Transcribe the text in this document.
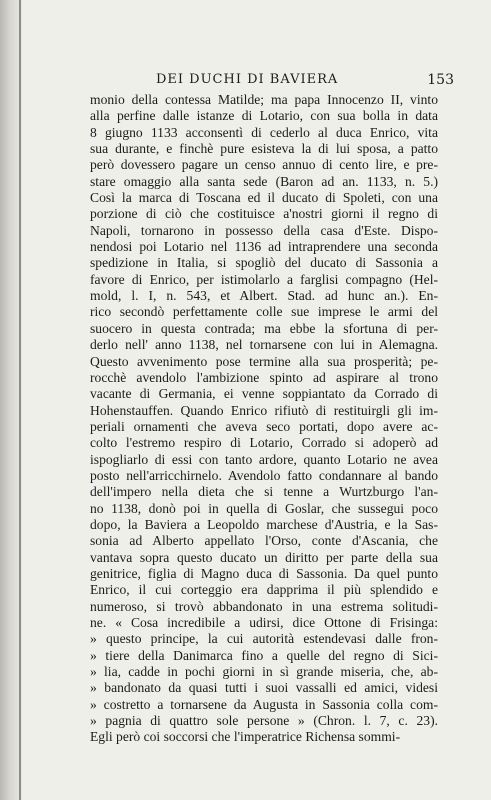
DEI DUCHI DI BAVIERA	153
monio della contessa Matilde; ma papa Innocenzo II, vinto
alla perfine dalle istanze di Lotario, con sua bolla in data
8 giugno 1133 acconsentì di cederlo al duca Enrico, vita
sua durante, e finchè pure esisteva la di lui sposa, a patto
però dovessero pagare un censo annuo di cento lire, e pre-
stare omaggio alla santa sede (Baron ad an. 1133, n. 5.)
Così la marca di Toscana ed il ducato di Spoleti, con una
porzione di ciò che costituisce a'nostri giorni il regno di
Napoli, tornarono in possesso della casa d'Este. Dispo-
nendosi poi Lotario nel 1136 ad intraprendere una seconda
spedizione in Italia, si spogliò del ducato di Sassonia a
favore di Enrico, per istimolarlo a farglisi compagno (Hel-
mold, l. I, n. 543, et Albert. Stad. ad hunc an.). En-
rico secondò perfettamente colle sue imprese le armi del
suocero in questa contrada; ma ebbe la sfortuna di per-
derlo nell' anno 1138, nel tornarsene con lui in Alemagna.
Questo avvenimento pose termine alla sua prosperità; pe-
rocchè avendolo l'ambizione spinto ad aspirare al trono
vacante di Germania, ei venne soppiantato da Corrado di
Hohenstauffen. Quando Enrico rifiutò di restituirgli gli im-
periali ornamenti che aveva seco portati, dopo avere ac-
colto l'estremo respiro di Lotario, Corrado si adoperò ad
ispogliarlo di essi con tanto ardore, quanto Lotario ne avea
posto nell'arricchirnelo. Avendolo fatto condannare al bando
dell'impero nella dieta che si tenne a Wurtzburgo l'an-
no 1138, donò poi in quella di Goslar, che sussegui poco
dopo, la Baviera a Leopoldo marchese d'Austria, e la Sas-
sonia ad Alberto appellato l'Orso, conte d'Ascania, che
vantava sopra questo ducato un diritto per parte della sua
genitrice, figlia di Magno duca di Sassonia. Da quel punto
Enrico, il cui corteggio era dapprima il più splendido e
numeroso, si trovò abbandonato in una estrema solitudi-
ne. « Cosa incredibile a udirsi, dice Ottone di Frisinga:
» questo principe, la cui autorità estendevasi dalle fron-
» tiere della Danimarca fino a quelle del regno di Sici-
» lia, cadde in pochi giorni in sì grande miseria, che, ab-
» bandonato da quasi tutti i suoi vassalli ed amici, videsi
» costretto a tornarsene da Augusta in Sassonia colla com-
» pagnia di quattro sole persone » (Chron. l. 7, c. 23).
Egli però coi soccorsi che l'imperatrice Richensa sommi-
